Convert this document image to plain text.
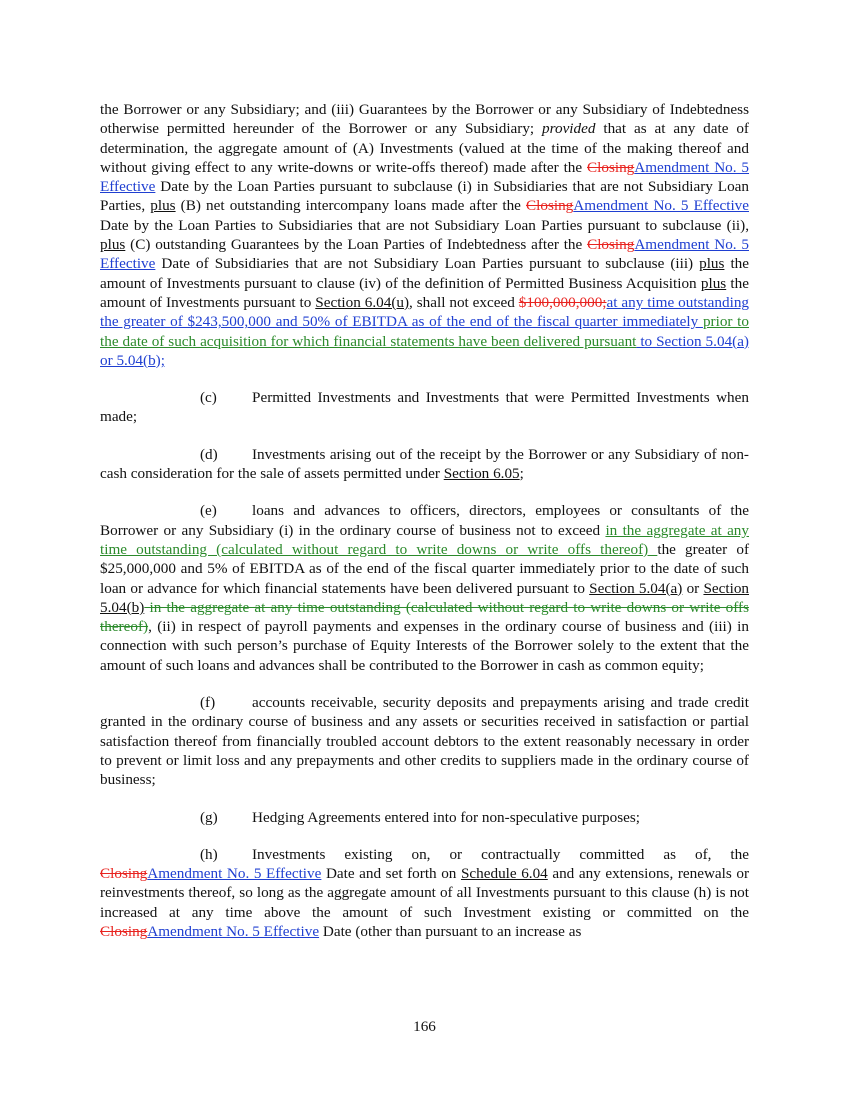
the Borrower or any Subsidiary; and (iii) Guarantees by the Borrower or any Subsidiary of Indebtedness otherwise permitted hereunder of the Borrower or any Subsidiary; provided that as at any date of determination, the aggregate amount of (A) Investments (valued at the time of the making thereof and without giving effect to any write-downs or write-offs thereof) made after the ClosingAmendment No. 5 Effective Date by the Loan Parties pursuant to subclause (i) in Subsidiaries that are not Subsidiary Loan Parties, plus (B) net outstanding intercompany loans made after the ClosingAmendment No. 5 Effective Date by the Loan Parties to Subsidiaries that are not Subsidiary Loan Parties pursuant to subclause (ii), plus (C) outstanding Guarantees by the Loan Parties of Indebtedness after the ClosingAmendment No. 5 Effective Date of Subsidiaries that are not Subsidiary Loan Parties pursuant to subclause (iii) plus the amount of Investments pursuant to clause (iv) of the definition of Permitted Business Acquisition plus the amount of Investments pursuant to Section 6.04(u), shall not exceed $100,000,000;at any time outstanding the greater of $243,500,000 and 50% of EBITDA as of the end of the fiscal quarter immediately prior to the date of such acquisition for which financial statements have been delivered pursuant to Section 5.04(a) or 5.04(b);

(c) Permitted Investments and Investments that were Permitted Investments when made;

(d) Investments arising out of the receipt by the Borrower or any Subsidiary of non-cash consideration for the sale of assets permitted under Section 6.05;

(e) loans and advances to officers, directors, employees or consultants of the Borrower or any Subsidiary (i) in the ordinary course of business not to exceed in the aggregate at any time outstanding (calculated without regard to write downs or write offs thereof) the greater of $25,000,000 and 5% of EBITDA as of the end of the fiscal quarter immediately prior to the date of such loan or advance for which financial statements have been delivered pursuant to Section 5.04(a) or Section 5.04(b) in the aggregate at any time outstanding (calculated without regard to write downs or write offs thereof), (ii) in respect of payroll payments and expenses in the ordinary course of business and (iii) in connection with such person’s purchase of Equity Interests of the Borrower solely to the extent that the amount of such loans and advances shall be contributed to the Borrower in cash as common equity;

(f) accounts receivable, security deposits and prepayments arising and trade credit granted in the ordinary course of business and any assets or securities received in satisfaction or partial satisfaction thereof from financially troubled account debtors to the extent reasonably necessary in order to prevent or limit loss and any prepayments and other credits to suppliers made in the ordinary course of business;

(g) Hedging Agreements entered into for non-speculative purposes;

(h) Investments existing on, or contractually committed as of, the ClosingAmendment No. 5 Effective Date and set forth on Schedule 6.04 and any extensions, renewals or reinvestments thereof, so long as the aggregate amount of all Investments pursuant to this clause (h) is not increased at any time above the amount of such Investment existing or committed on the ClosingAmendment No. 5 Effective Date (other than pursuant to an increase as

166
